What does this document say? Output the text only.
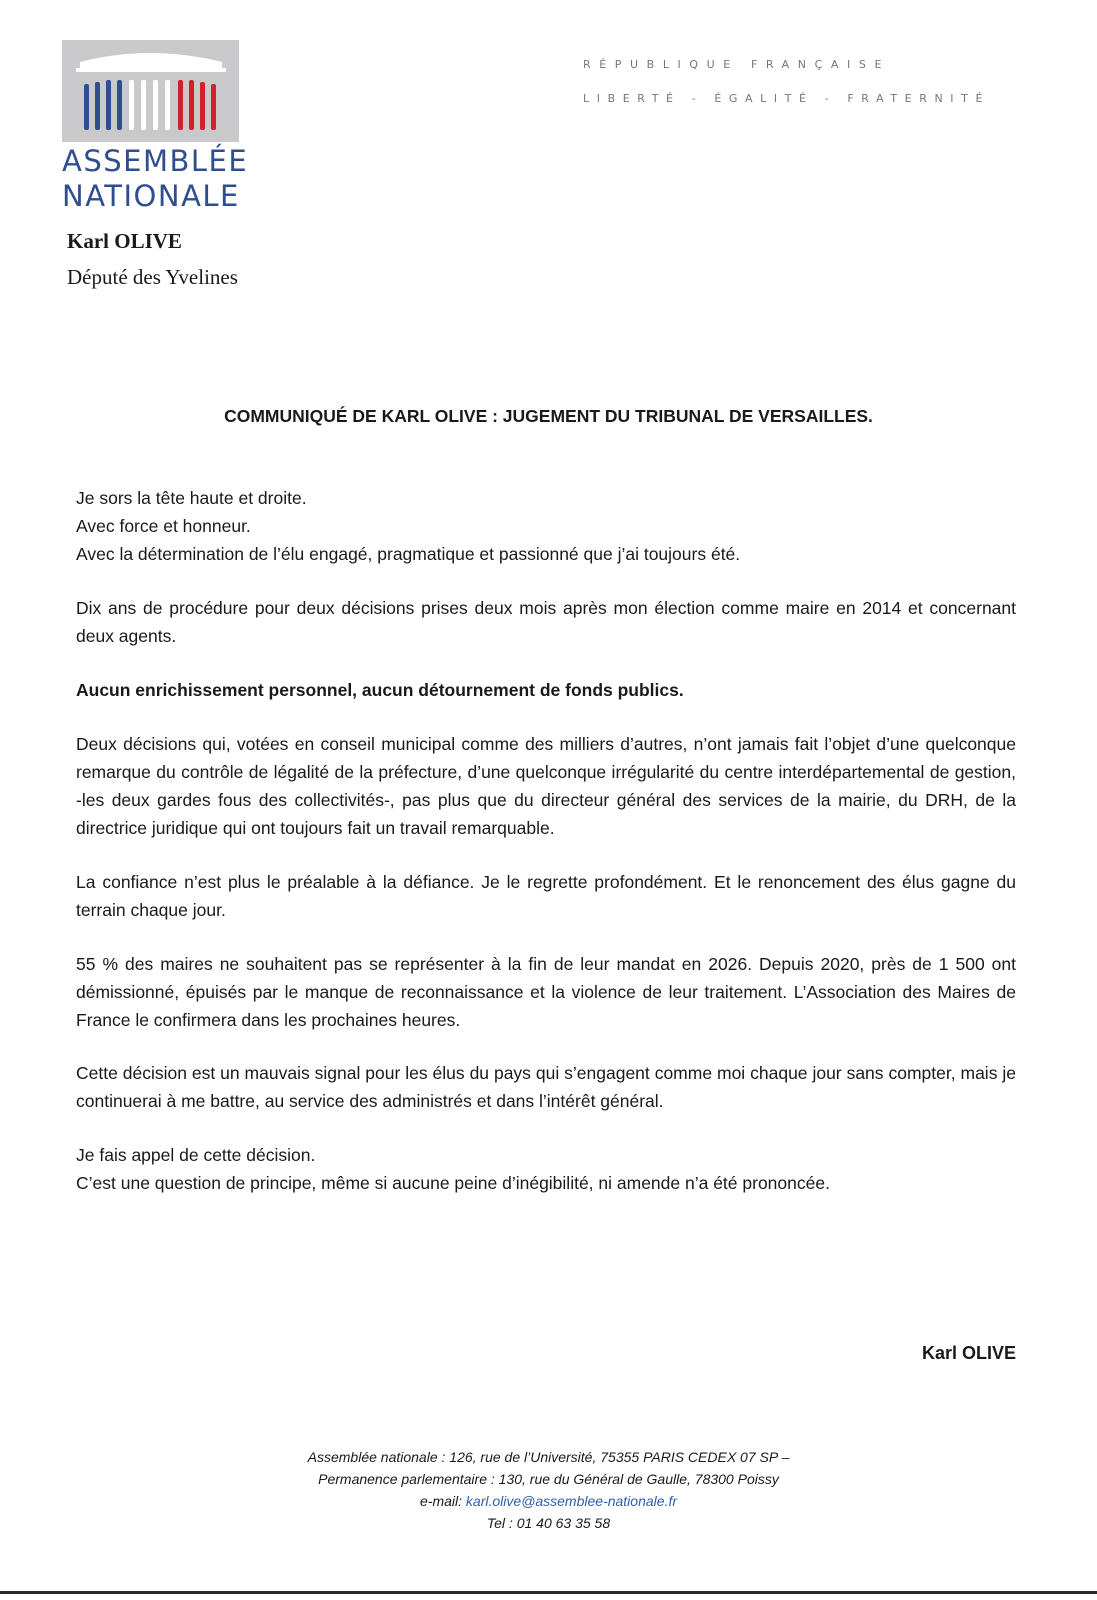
ASSEMBLÉE
NATIONALE
RÉPUBLIQUE FRANÇAISE
LIBERTÉ - ÉGALITÉ - FRATERNITÉ
Karl OLIVE
Député des Yvelines
COMMUNIQUÉ DE KARL OLIVE : JUGEMENT DU TRIBUNAL DE VERSAILLES.

Je sors la tête haute et droite.

Avec force et honneur.

Avec la détermination de l’élu engagé, pragmatique et passionné que j’ai toujours été.

Dix ans de procédure pour deux décisions prises deux mois après mon élection comme maire en 2014 et concernant deux agents.
Aucun enrichissement personnel, aucun détournement de fonds publics.
Deux décisions qui, votées en conseil municipal comme des milliers d’autres, n’ont jamais fait l’objet d’une quelconque remarque du contrôle de légalité de la préfecture, d’une quelconque irrégularité du centre interdépartemental de gestion, -les deux gardes fous des collectivités-, pas plus que du directeur général des services de la mairie, du DRH, de la directrice juridique qui ont toujours fait un travail remarquable.
La confiance n’est plus le préalable à la défiance. Je le regrette profondément. Et le renoncement des élus gagne du terrain chaque jour.
55 % des maires ne souhaitent pas se représenter à la fin de leur mandat en 2026. Depuis 2020, près de 1 500 ont démissionné, épuisés par le manque de reconnaissance et la violence de leur traitement. L’Association des Maires de France le confirmera dans les prochaines heures.
Cette décision est un mauvais signal pour les élus du pays qui s’engagent comme moi chaque jour sans compter, mais je continuerai à me battre, au service des administrés et dans l’intérêt général.

Je fais appel de cette décision.

C’est une question de principe, même si aucune peine d’inégibilité, ni amende n’a été prononcée.

Karl OLIVE
Assemblée nationale : 126, rue de l’Université, 75355 PARIS CEDEX 07 SP –
Permanence parlementaire : 130, rue du Général de Gaulle, 78300 Poissy
e-mail: karl.olive@assemblee-nationale.fr
Tel : 01 40 63 35 58
